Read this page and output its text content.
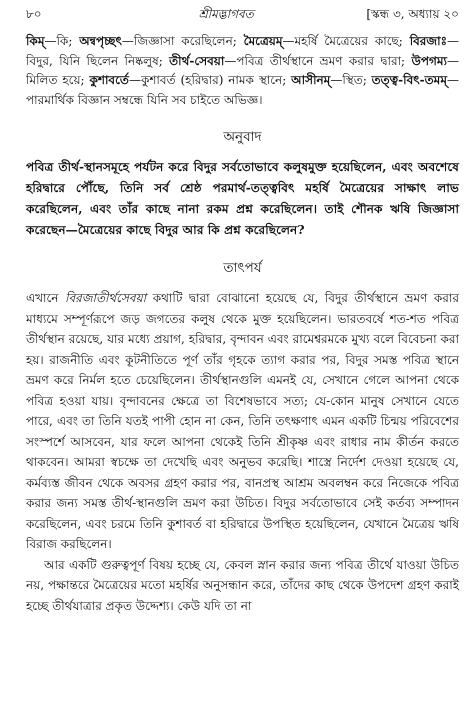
৮০	শ্রীমদ্ভাগবত	[স্কন্ধ ৩, অধ্যায় ২০
কিম্—কি; অন্বপৃচ্ছৎ—জিজ্ঞাসা করেছিলেন; মৈত্রেয়ম্—মহর্ষি মৈত্রেয়ের কাছে; বিরজাঃ—বিদুর, যিনি ছিলেন নিষ্কলুষ; তীর্থ-সেবয়া—পবিত্র তীর্থস্থানে ভ্রমণ করার দ্বারা; উপগম্য—মিলিত হয়ে; কুশাবর্তে—কুশাবর্ত (হরিদ্বার) নামক স্থানে; আসীনম্—স্থিত; তত্ত্ব-বিৎ-তমম্—পারমার্থিক বিজ্ঞান সম্বন্ধে যিনি সব চাইতে অভিজ্ঞ।
অনুবাদ
পবিত্র তীর্থ-স্থানসমূহে পর্যটন করে বিদুর সর্বতোভাবে কলুষমুক্ত হয়েছিলেন, এবং অবশেষে হরিদ্বারে পৌঁছে, তিনি সর্ব শ্রেষ্ঠ পরমার্থ-তত্ত্ববিৎ মহর্ষি মৈত্রেয়ের সাক্ষাৎ লাভ করেছিলেন, এবং তাঁর কাছে নানা রকম প্রশ্ন করেছিলেন। তাই শৌনক ঋষি জিজ্ঞাসা করেছেন—মৈত্রেয়ের কাছে বিদুর আর কি প্রশ্ন করেছিলেন?
তাৎপর্য

এখানে বিরজাতীর্থসেবয়া কথাটি দ্বারা বোঝানো হয়েছে যে, বিদুর তীর্থস্থানে ভ্রমণ করার মাধ্যমে সম্পূর্ণরূপে জড় জগতের কলুষ থেকে মুক্ত হয়েছিলেন। ভারতবর্ষে শত-শত পবিত্র তীর্থস্থান রয়েছে, যার মধ্যে প্রয়াগ, হরিদ্বার, বৃন্দাবন এবং রামেশ্বরমকে মুখ্য বলে বিবেচনা করা হয়। রাজনীতি এবং কূটনীতিতে পূর্ণ তাঁর গৃহকে ত্যাগ করার পর, বিদুর সমস্ত পবিত্র স্থানে ভ্রমণ করে নির্মল হতে চেয়েছিলেন। তীর্থস্থানগুলি এমনই যে, সেখানে গেলে আপনা থেকে পবিত্র হওয়া যায়। বৃন্দাবনের ক্ষেত্রে তা বিশেষভাবে সত্য; যে-কোন মানুষ সেখানে যেতে পারে, এবং তা তিনি যতই পাপী হোন না কেন, তিনি তৎক্ষণাৎ এমন একটি চিন্ময় পরিবেশের সংস্পর্শে আসবেন, যার ফলে আপনা থেকেই তিনি শ্রীকৃষ্ণ এবং রাধার নাম কীর্তন করতে থাকবেন। আমরা স্বচক্ষে তা দেখেছি এবং অনুভব করেছি। শাস্ত্রে নির্দেশ দেওয়া হয়েছে যে, কর্মব্যস্ত জীবন থেকে অবসর গ্রহণ করার পর, বানপ্রস্থ আশ্রম অবলম্বন করে নিজেকে পবিত্র করার জন্য সমস্ত তীর্থ-স্থানগুলি ভ্রমণ করা উচিত। বিদুর সর্বতোভাবে সেই কর্তব্য সম্পাদন করেছিলেন, এবং চরমে তিনি কুশাবর্ত বা হরিদ্বারে উপস্থিত হয়েছিলেন, যেখানে মৈত্রেয় ঋষি বিরাজ করছিলেন।

আর একটি গুরুত্বপূর্ণ বিষয় হচ্ছে যে, কেবল স্নান করার জন্য পবিত্র তীর্থে যাওয়া উচিত নয়, পক্ষান্তরে মৈত্রেয়ের মতো মহর্ষির অনুসন্ধান করে, তাঁদের কাছ থেকে উপদেশ গ্রহণ করাই হচ্ছে তীর্থযাত্রার প্রকৃত উদ্দেশ্য। কেউ যদি তা না
